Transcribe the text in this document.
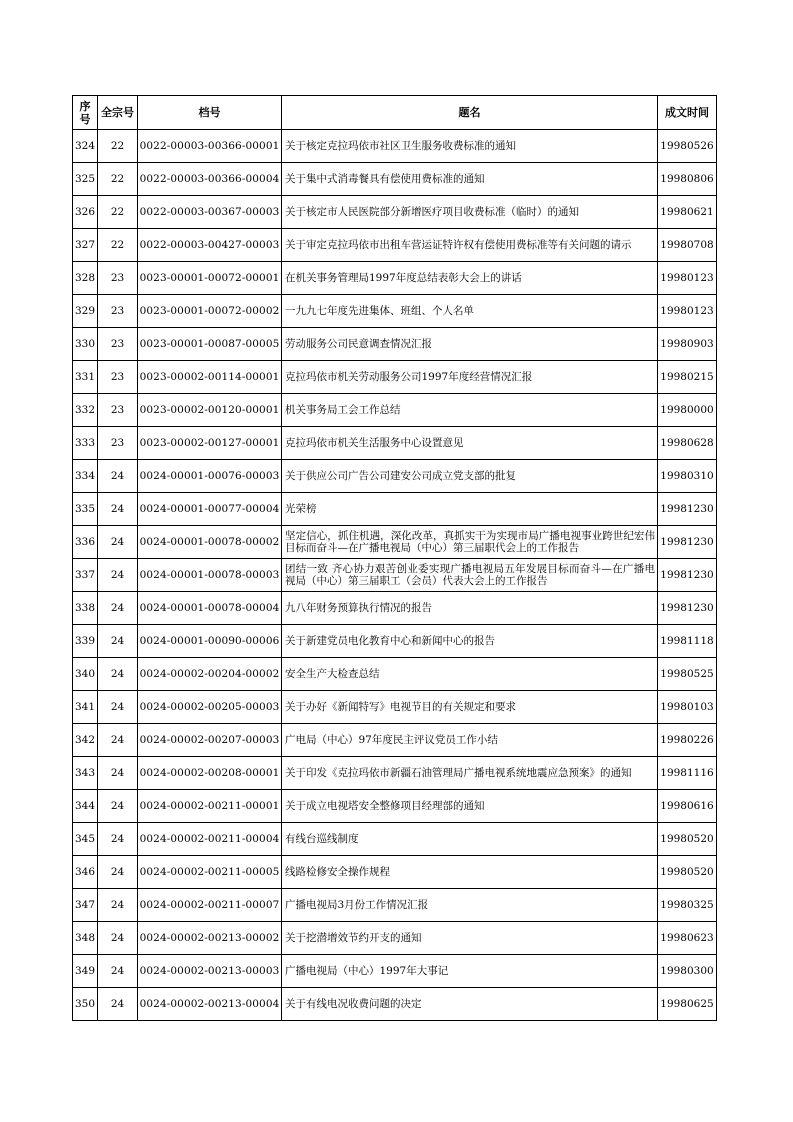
序号	全宗号	档号	题名	成文时间
324	22	0022-00003-00366-00001	关于核定克拉玛依市社区卫生服务收费标准的通知	19980526
325	22	0022-00003-00366-00004	关于集中式消毒餐具有偿使用费标准的通知	19980806
326	22	0022-00003-00367-00003	关于核定市人民医院部分新增医疗项目收费标准（临时）的通知	19980621
327	22	0022-00003-00427-00003	关于审定克拉玛依市出租车营运证特许权有偿使用费标准等有关问题的请示	19980708
328	23	0023-00001-00072-00001	在机关事务管理局1997年度总结表彰大会上的讲话	19980123
329	23	0023-00001-00072-00002	一九九七年度先进集体、班组、个人名单	19980123
330	23	0023-00001-00087-00005	劳动服务公司民意调查情况汇报	19980903
331	23	0023-00002-00114-00001	克拉玛依市机关劳动服务公司1997年度经营情况汇报	19980215
332	23	0023-00002-00120-00001	机关事务局工会工作总结	19980000
333	23	0023-00002-00127-00001	克拉玛依市机关生活服务中心设置意见	19980628
334	24	0024-00001-00076-00003	关于供应公司广告公司建安公司成立党支部的批复	19980310
335	24	0024-00001-00077-00004	光荣榜	19981230
336	24	0024-00001-00078-00002	坚定信心，抓住机遇，深化改革，真抓实干为实现市局广播电视事业跨世纪宏伟目标而奋斗—在广播电视局（中心）第三届职代会上的工作报告	19981230
337	24	0024-00001-00078-00003	团结一致 齐心协力艰苦创业委实现广播电视局五年发展目标而奋斗—在广播电视局（中心）第三届职工（会员）代表大会上的工作报告	19981230
338	24	0024-00001-00078-00004	九八年财务预算执行情况的报告	19981230
339	24	0024-00001-00090-00006	关于新建党员电化教育中心和新闻中心的报告	19981118
340	24	0024-00002-00204-00002	安全生产大检查总结	19980525
341	24	0024-00002-00205-00003	关于办好《新闻特写》电视节目的有关规定和要求	19980103
342	24	0024-00002-00207-00003	广电局（中心）97年度民主评议党员工作小结	19980226
343	24	0024-00002-00208-00001	关于印发《克拉玛依市新疆石油管理局广播电视系统地震应急预案》的通知	19981116
344	24	0024-00002-00211-00001	关于成立电视塔安全整修项目经理部的通知	19980616
345	24	0024-00002-00211-00004	有线台巡线制度	19980520
346	24	0024-00002-00211-00005	线路检修安全操作规程	19980520
347	24	0024-00002-00211-00007	广播电视局3月份工作情况汇报	19980325
348	24	0024-00002-00213-00002	关于挖潜增效节约开支的通知	19980623
349	24	0024-00002-00213-00003	广播电视局（中心）1997年大事记	19980300
350	24	0024-00002-00213-00004	关于有线电况收费问题的决定	19980625
